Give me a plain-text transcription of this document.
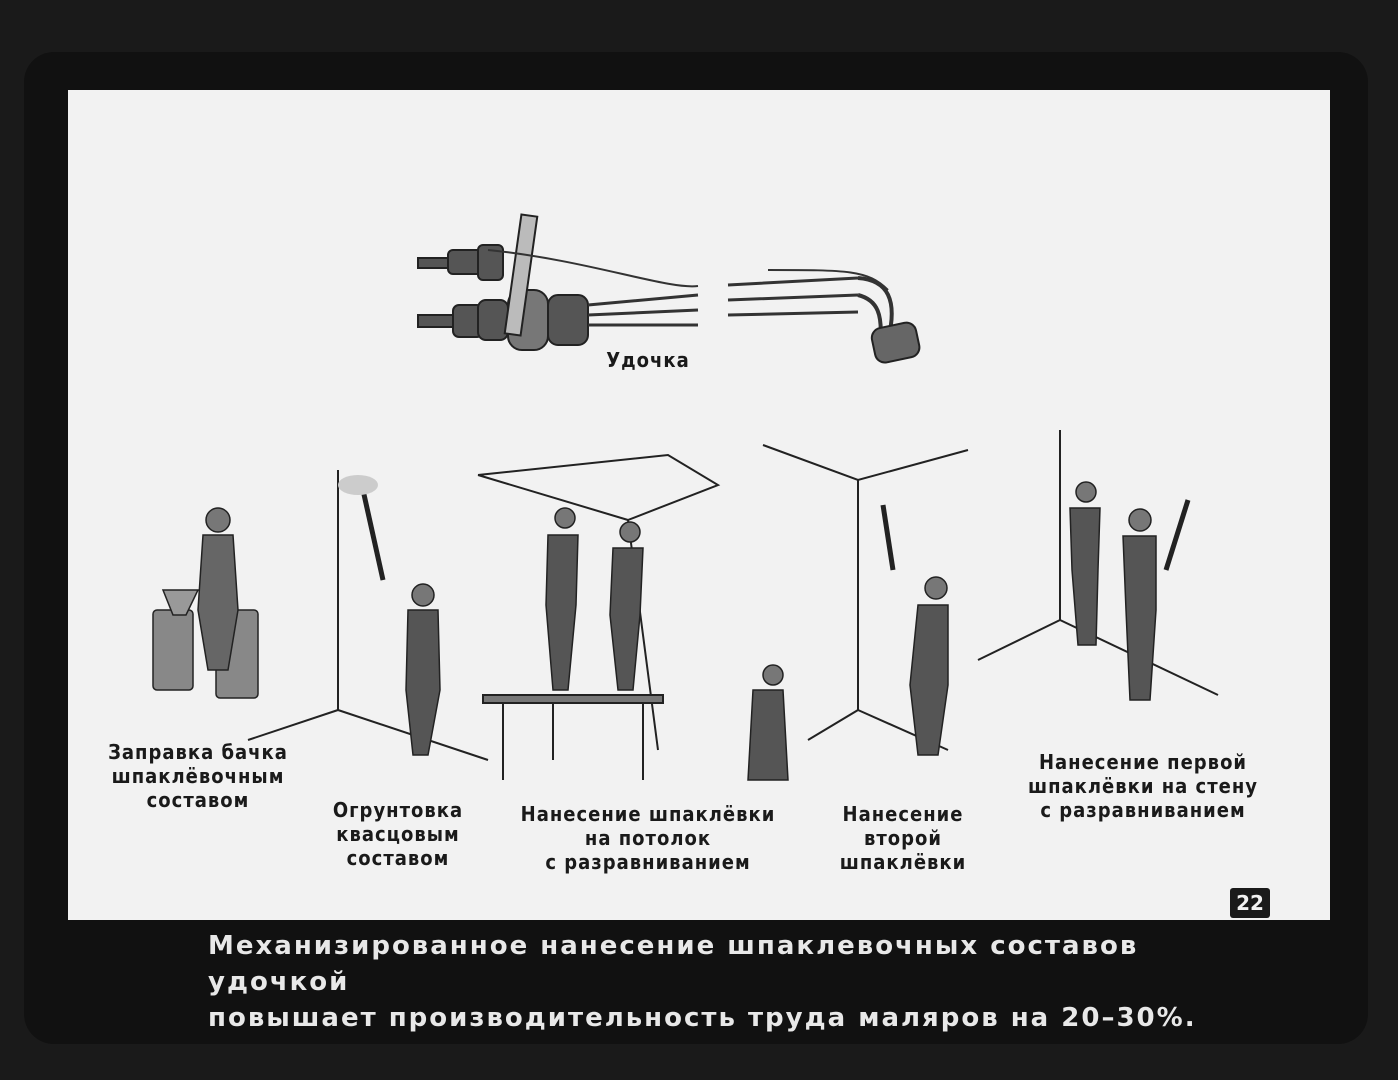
Удочка
Заправка бачка
шпаклёвочным
составом	Огрунтовка
квасцовым
составом
Нанесение шпаклёвки
на потолок
с разравниванием
Нанесение
второй
шпаклёвки
Нанесение первой
шпаклёвки на стену
с разравниванием
22
Механизированное нанесение шпаклевочных составов удочкой
повышает производительность труда маляров на 20–30%.
